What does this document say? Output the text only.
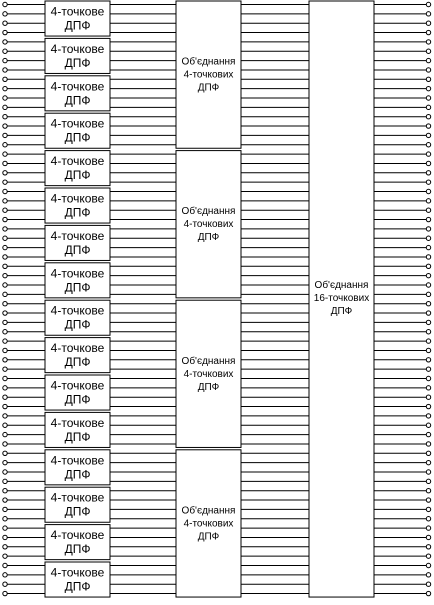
4-точкове
ДПФ
4-точкове
ДПФ
4-точкове
ДПФ
4-точкове
ДПФ
4-точкове
ДПФ
4-точкове
ДПФ
4-точкове
ДПФ
4-точкове
ДПФ
4-точкове
ДПФ
4-точкове
ДПФ
4-точкове
ДПФ
4-точкове
ДПФ
4-точкове
ДПФ
4-точкове
ДПФ
4-точкове
ДПФ
4-точкове
ДПФ
Об'єднання
4-точкових
ДПФ
Об'єднання
4-точкових
ДПФ
Об'єднання
4-точкових
ДПФ
Об'єднання
4-точкових
ДПФ
Об'єднання
16-точкових
ДПФ
